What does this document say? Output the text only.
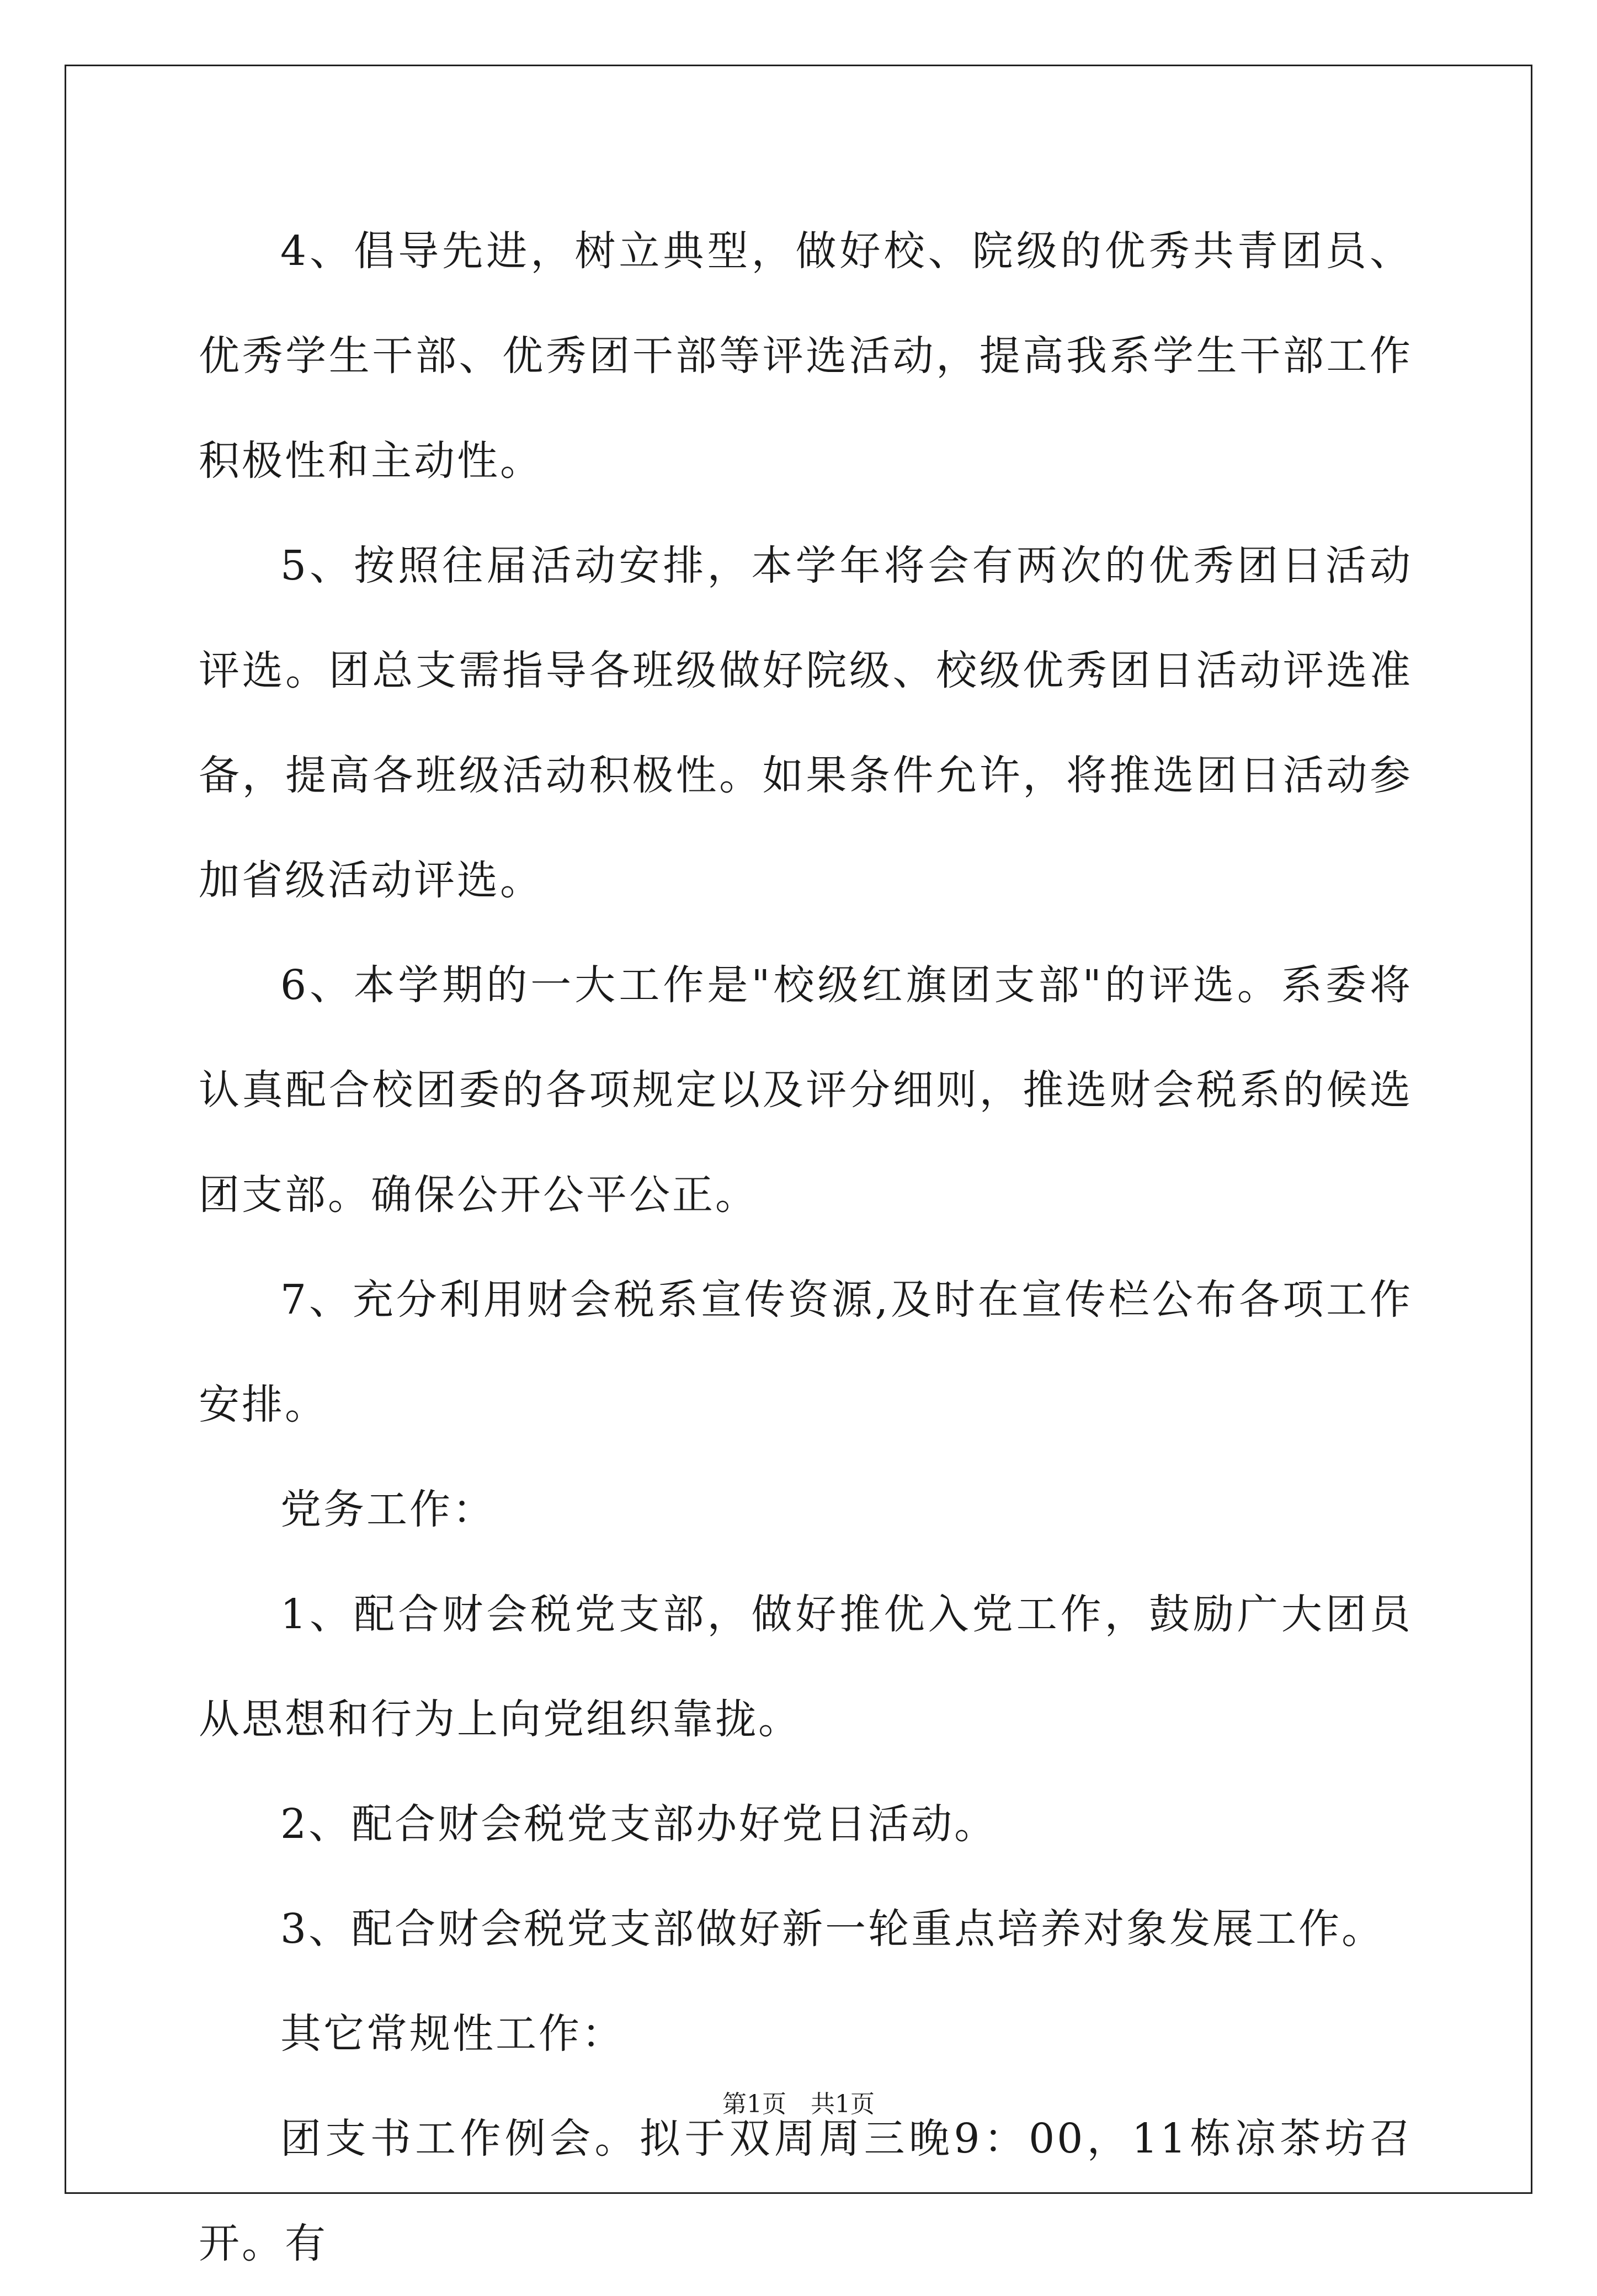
4、倡导先进，树立典型，做好校、院级的优秀共青团员、优秀学生干部、优秀团干部等评选活动，提高我系学生干部工作积极性和主动性。

5、按照往届活动安排，本学年将会有两次的优秀团日活动评选。团总支需指导各班级做好院级、校级优秀团日活动评选准备，提高各班级活动积极性。如果条件允许，将推选团日活动参加省级活动评选。

6、本学期的一大工作是"校级红旗团支部"的评选。系委将认真配合校团委的各项规定以及评分细则，推选财会税系的候选团支部。确保公开公平公正。

7、充分利用财会税系宣传资源,及时在宣传栏公布各项工作安排。

党务工作：

1、配合财会税党支部，做好推优入党工作，鼓励广大团员从思想和行为上向党组织靠拢。

2、配合财会税党支部办好党日活动。

3、配合财会税党支部做好新一轮重点培养对象发展工作。

其它常规性工作：

团支书工作例会。拟于双周周三晚9：00，11栋凉茶坊召开。有

第1页　共1页
